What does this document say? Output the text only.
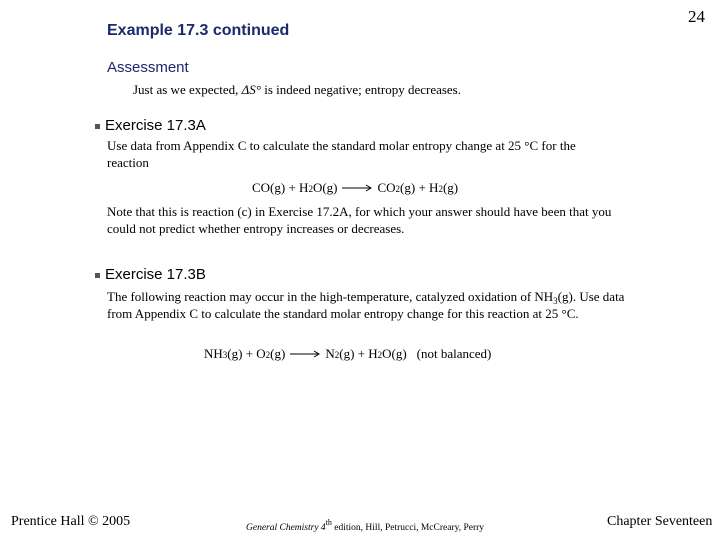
Example 17.3 continued
24
Assessment
Just as we expected, ΔS° is indeed negative; entropy decreases.
Exercise 17.3A
Use data from Appendix C to calculate the standard molar entropy change at 25 °C for the reaction
CO(g) + H 2 O(g) → CO 2 (g) + H 2 (g)
Note that this is reaction (c) in Exercise 17.2A, for which your answer should have been that you could not predict whether entropy increases or decreases.
Exercise 17.3B
The following reaction may occur in the high-temperature, catalyzed oxidation of $NH_3(g)$. Use data from Appendix C to calculate the standard molar entropy change for this reaction at 25 °C.
NH 3 (g) + O 2 (g) → N 2 (g) + H 2 O(g) (not balanced)
Prentice Hall © 2005	General Chemistry 4th edition, Hill, Petrucci, McCreary, Perry	Chapter Seventeen
